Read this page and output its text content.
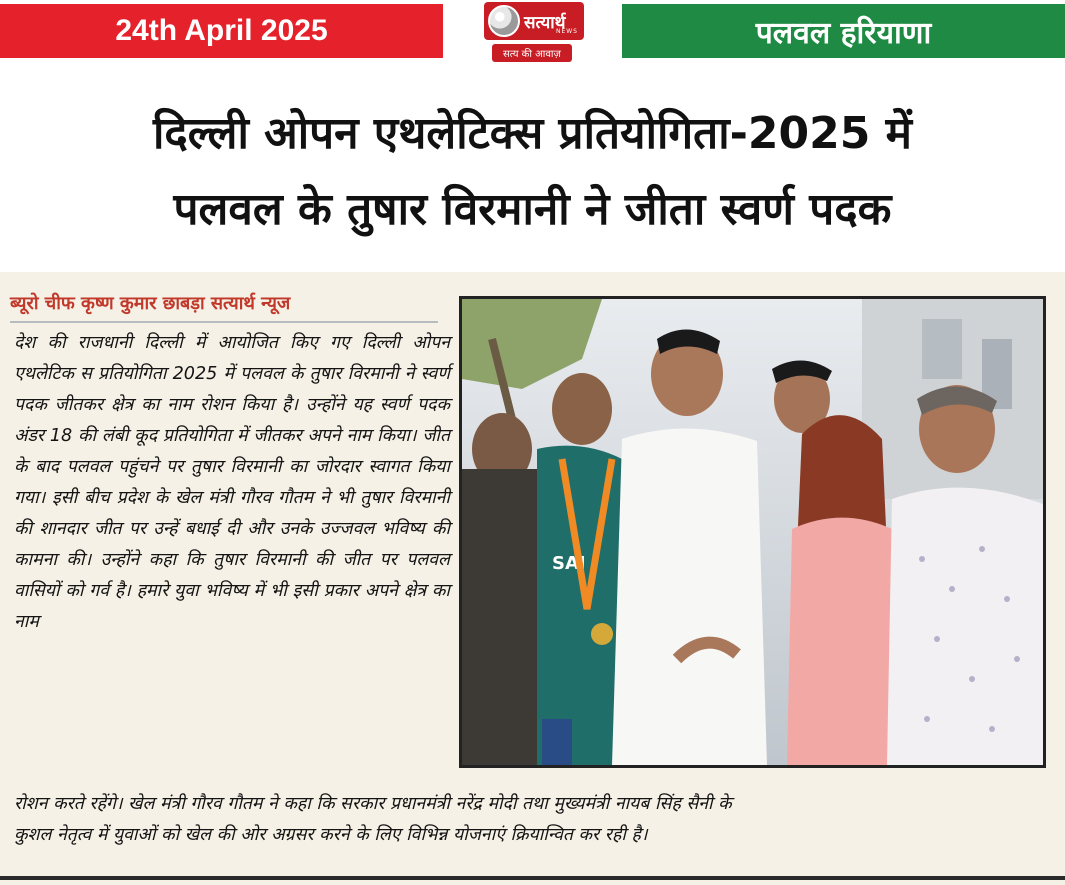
24th April 2025	पलवल हरियाणा
सत्यार्थ
NEWS
सत्य की आवाज़
दिल्ली ओपन एथलेटिक्स प्रतियोगिता-2025 में
पलवल के तुषार विरमानी ने जीता स्वर्ण पदक
ब्यूरो चीफ कृष्ण कुमार छाबड़ा सत्यार्थ न्यूज

देश की राजधानी दिल्ली में आयोजित किए गए दिल्ली ओपन एथलेटिक स प्रतियोगिता 2025 में पलवल के तुषार विरमानी ने स्वर्ण पदक जीतकर क्षेत्र का नाम रोशन किया है। उन्होंने यह स्वर्ण पदक अंडर 18 की लंबी कूद प्रतियोगिता में जीतकर अपने नाम किया। जीत के बाद पलवल पहुंचने पर तुषार विरमानी का जोरदार स्वागत किया गया। इसी बीच प्रदेश के खेल मंत्री गौरव गौतम ने भी तुषार विरमानी की शानदार जीत पर उन्हें बधाई दी और उनके उज्जवल भविष्य की कामना की। उन्होंने कहा कि तुषार विरमानी की जीत पर पलवल वासियों को गर्व है। हमारे युवा भविष्य में भी इसी प्रकार अपने क्षेत्र का नाम

SAI

रोशन करते रहेंगे। खेल मंत्री गौरव गौतम ने कहा कि सरकार प्रधानमंत्री नरेंद्र मोदी तथा मुख्यमंत्री नायब सिंह सैनी के

कुशल नेतृत्व में युवाओं को खेल की ओर अग्रसर करने के लिए विभिन्न योजनाएं क्रियान्वित कर रही है।
